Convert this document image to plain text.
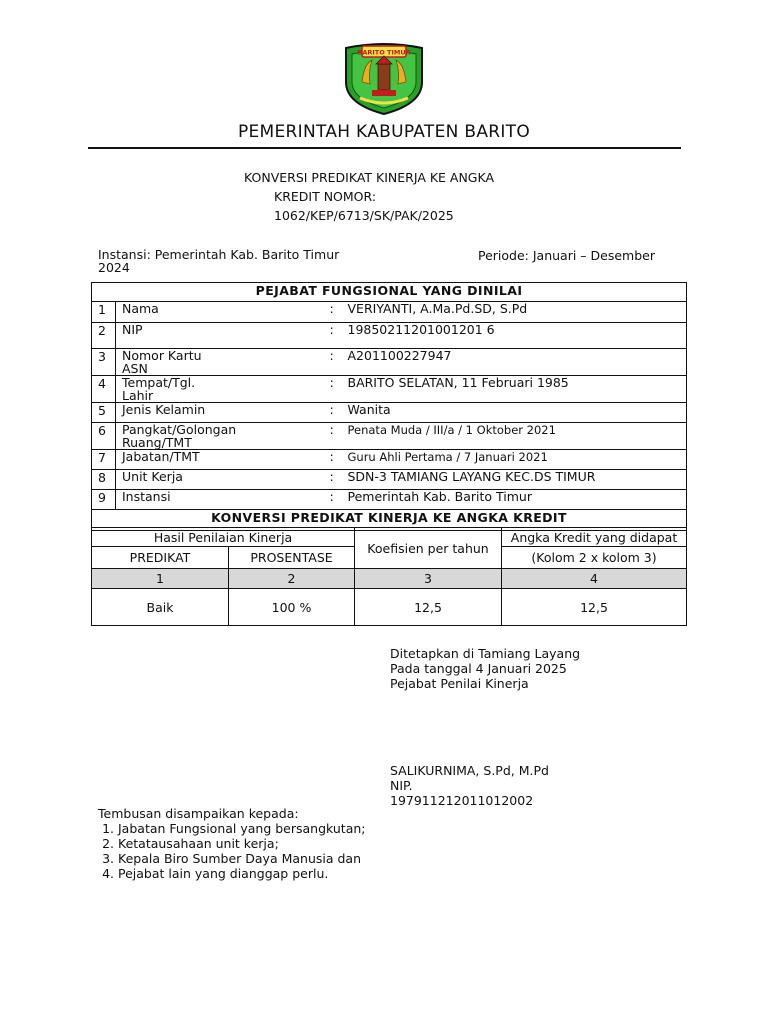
BARITO TIMUR
PEMERINTAH KABUPATEN BARITO
KONVERSI PREDIKAT KINERJA KE ANGKA
KREDIT NOMOR:
1062/KEP/6713/SK/PAK/2025
Instansi: Pemerintah Kab. Barito Timur
2024
Periode: Januari – Desember
PEJABAT FUNGSIONAL YANG DINILAI			
1	Nama	:	VERIYANTI, A.Ma.Pd.SD, S.Pd

2	NIP	:	19850211201001201 6

3	Nomor Kartu ASN	:	A201100227947

4	Tempat/Tgl. Lahir	:	BARITO SELATAN, 11 Februari 1985

5	Jenis Kelamin	:	Wanita

6	Pangkat/Golongan Ruang/TMT	:	Penata Muda / III/a / 1 Oktober 2021

7	Jabatan/TMT	:	Guru Ahli Pertama / 7 Januari 2021

8	Unit Kerja	:	SDN-3 TAMIANG LAYANG KEC.DS TIMUR

9	Instansi	:	Pemerintah Kab. Barito Timur

KONVERSI PREDIKAT KINERJA KE ANGKA KREDIT			
Hasil Penilaian Kinerja		Koefisien per tahun	Angka Kredit yang didapat
PREDIKAT	PROSENTASE		(Kolom 2 x kolom 3)
1	2	3	4
Baik	100 %	12,5	12,5
Ditetapkan di Tamiang Layang Pada tanggal 4 Januari 2025 Pejabat Penilai Kinerja
SALIKURNIMA, S.Pd, M.Pd
NIP.
197911212011012002
Tembusan disampaikan kepada:
1. Jabatan Fungsional yang bersangkutan;
2. Ketatausahaan unit kerja;
3. Kepala Biro Sumber Daya Manusia dan
4. Pejabat lain yang dianggap perlu.
